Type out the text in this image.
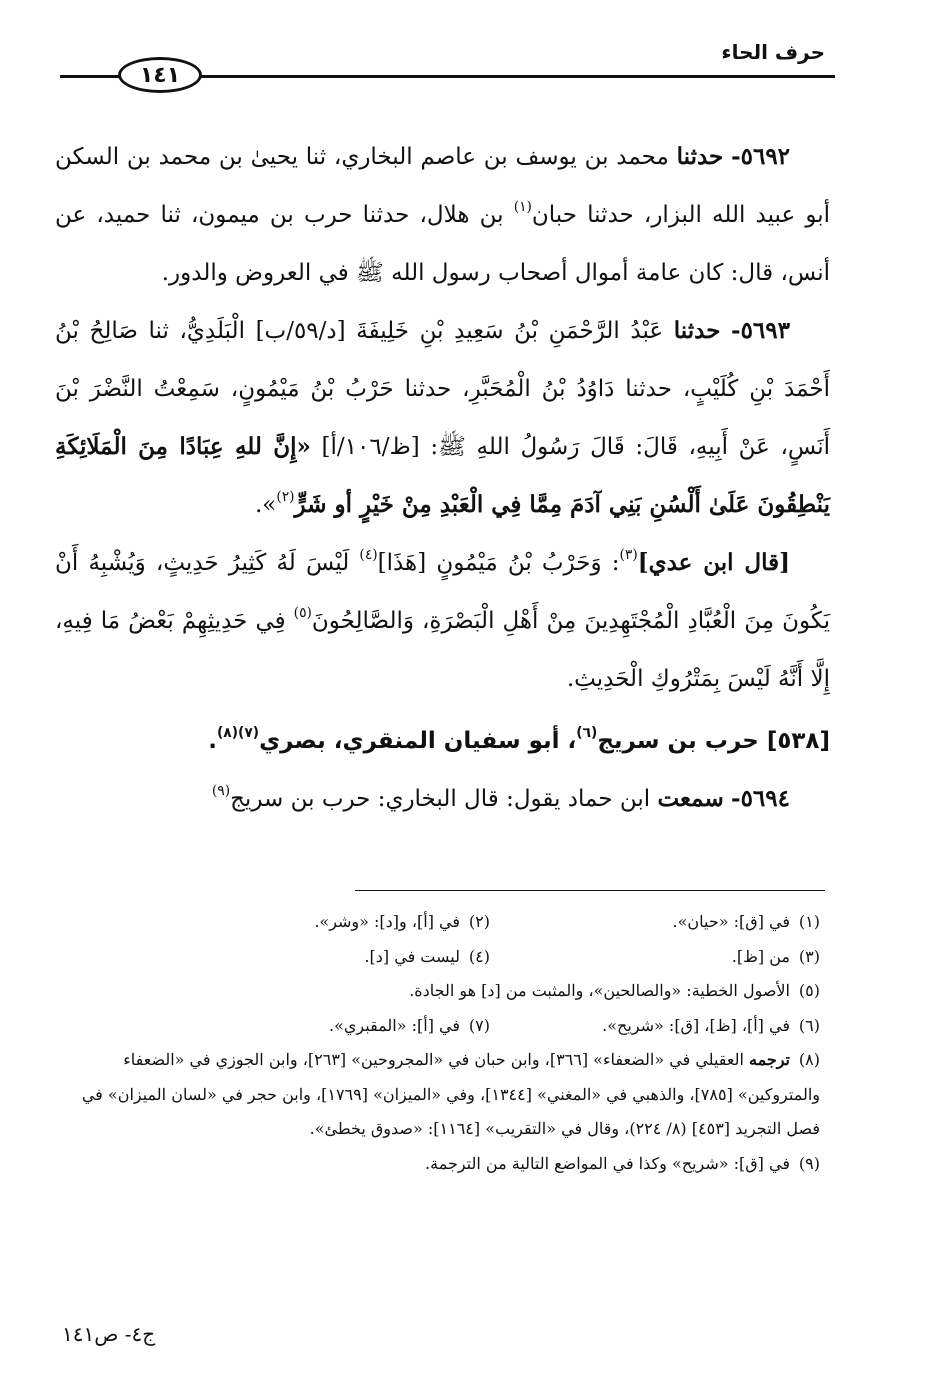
حرف الحاء
١٤١

٥٦٩٢- حدثنا محمد بن يوسف بن عاصم البخاري، ثنا يحيىٰ بن محمد بن السكن أبو عبيد الله البزار، حدثنا حبان$^{(١)}$ بن هلال، حدثنا حرب بن ميمون، ثنا حميد، عن أنس، قال: كان عامة أموال أصحاب رسول الله ﷺ في العروض والدور.

٥٦٩٣- حدثنا عَبْدُ الرَّحْمَنِ بْنُ سَعِيدِ بْنِ خَلِيفَةَ [د/٥٩/ب] الْبَلَدِيُّ، ثنا صَالِحُ بْنُ أَحْمَدَ بْنِ كُلَيْبٍ، حدثنا دَاوُدُ بْنُ الْمُحَبَّرِ، حدثنا حَرْبُ بْنُ مَيْمُونٍ، سَمِعْتُ النَّضْرَ بْنَ أَنَسٍ، عَنْ أَبِيهِ، قَالَ: قَالَ رَسُولُ اللهِ ﷺ: [ظ/١٠٦/أ] «إِنَّ للهِ عِبَادًا مِنَ الْمَلَائِكَةِ يَنْطِقُونَ عَلَىٰ أَلْسُنِ بَنِي آدَمَ مِمَّا فِي الْعَبْدِ مِنْ خَيْرٍ أو شَرٍّ$^{(٢)}$».

[قال ابن عدي]$^{(٣)}$: وَحَرْبُ بْنُ مَيْمُونٍ [هَذَا]$^{(٤)}$ لَيْسَ لَهُ كَثِيرُ حَدِيثٍ، وَيُشْبِهُ أَنْ يَكُونَ مِنَ الْعُبَّادِ الْمُجْتَهِدِينَ مِنْ أَهْلِ الْبَصْرَةِ، وَالصَّالِحُونَ$^{(٥)}$ فِي حَدِيثِهِمْ بَعْضُ مَا فِيهِ، إِلَّا أَنَّهُ لَيْسَ بِمَتْرُوكِ الْحَدِيثِ.

[٥٣٨] حرب بن سريج$^{(٦)}$، أبو سفيان المنقري، بصري$^{(٧)(٨)}$.

٥٦٩٤- سمعت ابن حماد يقول: قال البخاري: حرب بن سريج$^{(٩)}$

(١)في [ق]: «حيان».
(٢)في [أ]، و[د]: «وشر».
(٣)من [ظ].
(٤)ليست في [د].
(٥)الأصول الخطية: «والصالحين»، والمثبت من [د] هو الجادة.
(٦)في [أ]، [ظ]، [ق]: «شريح».
(٧)في [أ]: «المقبري».
(٨)ترجمه العقيلي في «الضعفاء» [٣٦٦]، وابن حبان في «المجروحين» [٢٦٣]، وابن الجوزي في «الضعفاء والمتروكين» [٧٨٥]، والذهبي في «المغني» [١٣٤٤]، وفي «الميزان» [١٧٦٩]، وابن حجر في «لسان الميزان» في فصل التجريد [٤٥٣] (٨/ ٢٢٤)، وقال في «التقريب» [١١٦٤]: «صدوق يخطئ».
(٩)في [ق]: «شريح» وكذا في المواضع التالية من الترجمة.
ج٤- ص١٤١
